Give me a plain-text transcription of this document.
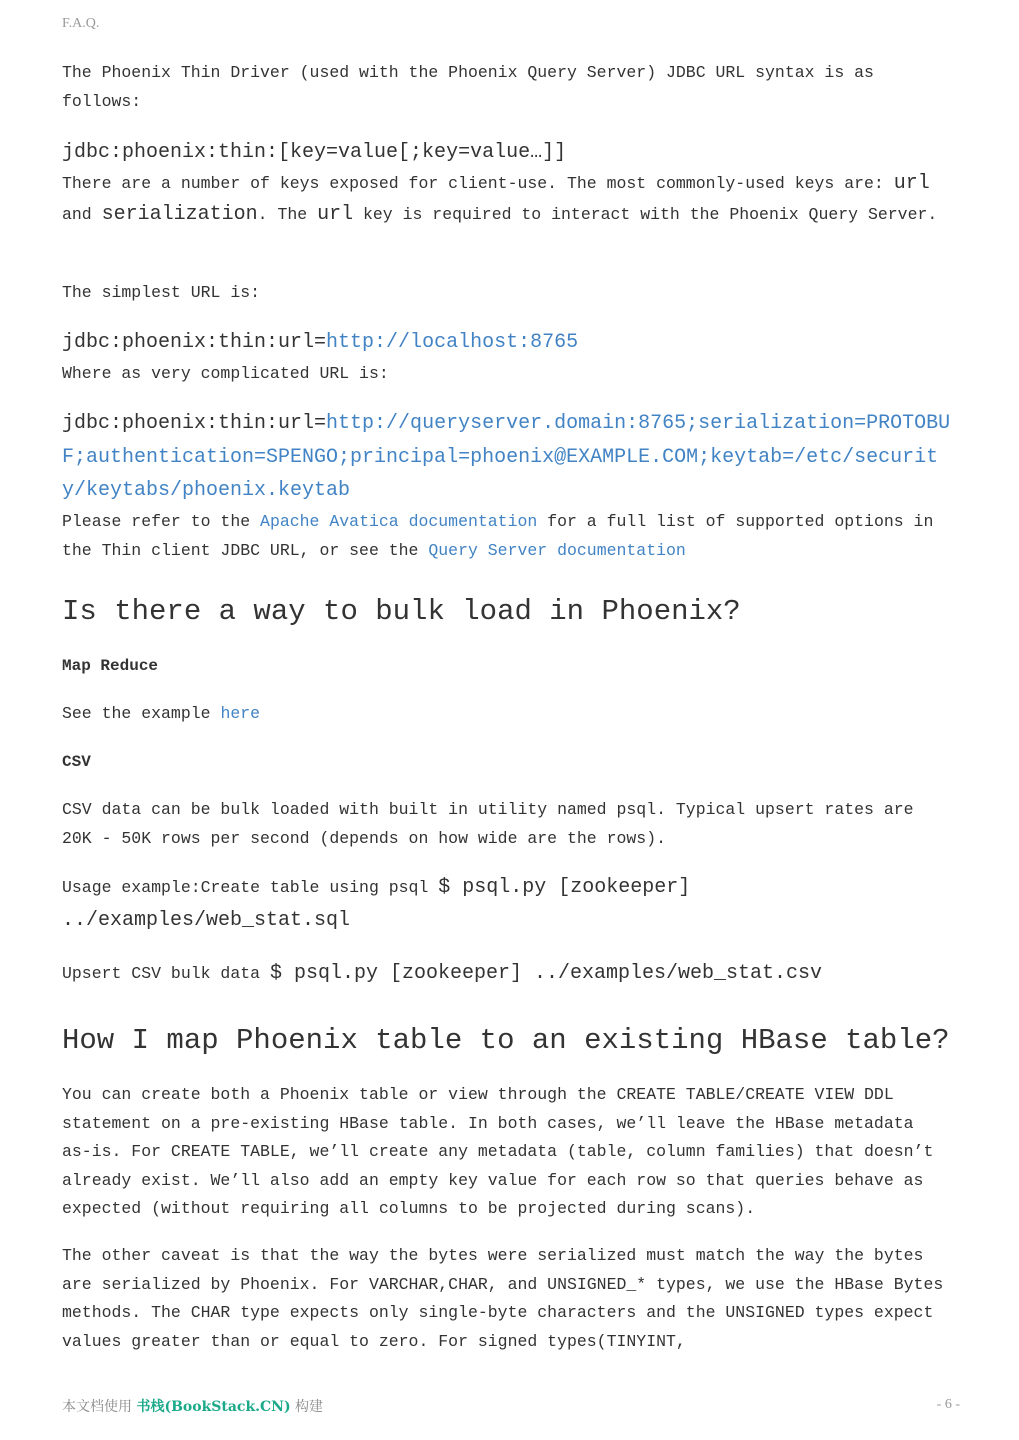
F.A.Q.

The Phoenix Thin Driver (used with the Phoenix Query Server) JDBC URL syntax is as follows:

jdbc:phoenix:thin:[key=value[;key=value…]]

There are a number of keys exposed for client-use. The most commonly-used keys are: url and serialization. The url key is required to interact with the Phoenix Query Server.

The simplest URL is:

jdbc:phoenix:thin:url=http://localhost:8765

Where as very complicated URL is:

jdbc:phoenix:thin:url=http://queryserver.domain:8765;serialization=PROTOBUF;authentication=SPENGO;principal=phoenix@EXAMPLE.COM;keytab=/etc/security/keytabs/phoenix.keytab

Please refer to the Apache Avatica documentation for a full list of supported options in the Thin client JDBC URL, or see the Query Server documentation

Is there a way to bulk load in Phoenix?

Map Reduce

See the example here

CSV

CSV data can be bulk loaded with built in utility named psql. Typical upsert rates are 20K - 50K rows per second (depends on how wide are the rows).

Usage example:Create table using psql $ psql.py [zookeeper] ../examples/web_stat.sql

Upsert CSV bulk data $ psql.py [zookeeper] ../examples/web_stat.csv

How I map Phoenix table to an existing HBase table?

You can create both a Phoenix table or view through the CREATE TABLE/CREATE VIEW DDL statement on a pre-existing HBase table. In both cases, we’ll leave the HBase metadata as-is. For CREATE TABLE, we’ll create any metadata (table, column families) that doesn’t already exist. We’ll also add an empty key value for each row so that queries behave as expected (without requiring all columns to be projected during scans).

The other caveat is that the way the bytes were serialized must match the way the bytes are serialized by Phoenix. For VARCHAR,CHAR, and UNSIGNED_* types, we use the HBase Bytes methods. The CHAR type expects only single-byte characters and the UNSIGNED types expect values greater than or equal to zero. For signed types(TINYINT,

本文档使用 书栈(BookStack.CN) 构建	- 6 -
